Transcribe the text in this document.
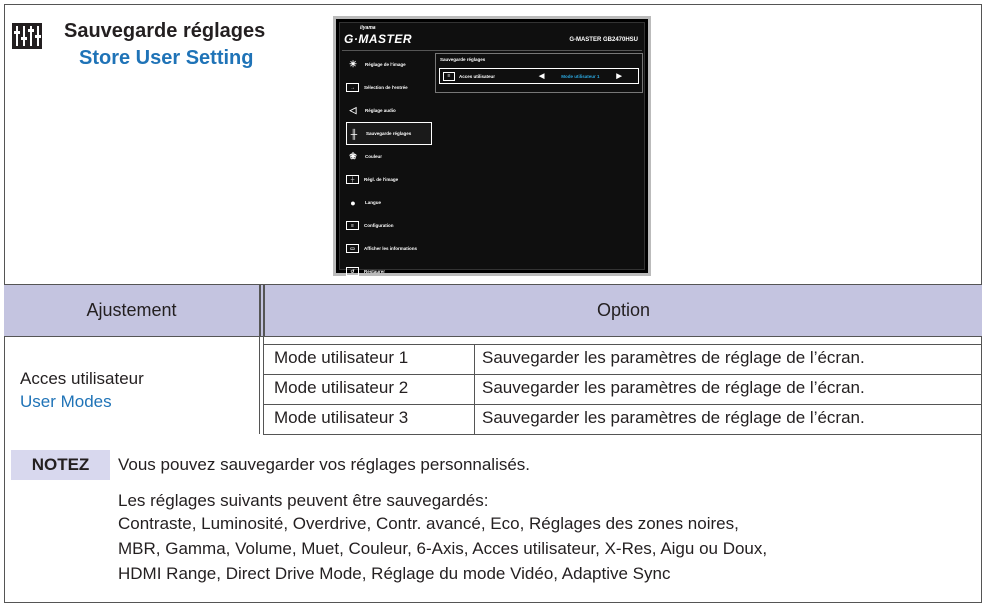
Sauvegarde réglages
Store User Setting
iiyama
G·MASTER	G-MASTER GB2470HSU
☀	Réglage de l'image
→	Sélection de l'entrée
◁	Réglage audio
╫	Sauvegarde réglages
❀	Couleur
┼	Régl. de l'image
●	Langue
≡	Configuration
▭	Afficher les informations
↺	Restaurer
Sauvegarde réglages
≡	Acces utilisateur	◀	Mode utilisateur 1	▶
Ajustement	Option
Acces utilisateur
User Modes
Mode utilisateur 1	Sauvegarder les paramètres de réglage de l’écran.
Mode utilisateur 2	Sauvegarder les paramètres de réglage de l’écran.
Mode utilisateur 3	Sauvegarder les paramètres de réglage de l’écran.
NOTEZ	Vous pouvez sauvegarder vos réglages personnalisés.
Les réglages suivants peuvent être sauvegardés:
Contraste, Luminosité, Overdrive, Contr. avancé, Eco, Réglages des zones noires,
MBR, Gamma, Volume, Muet, Couleur, 6-Axis, Acces utilisateur, X-Res, Aigu ou Doux,
HDMI Range, Direct Drive Mode, Réglage du mode Vidéo, Adaptive Sync
